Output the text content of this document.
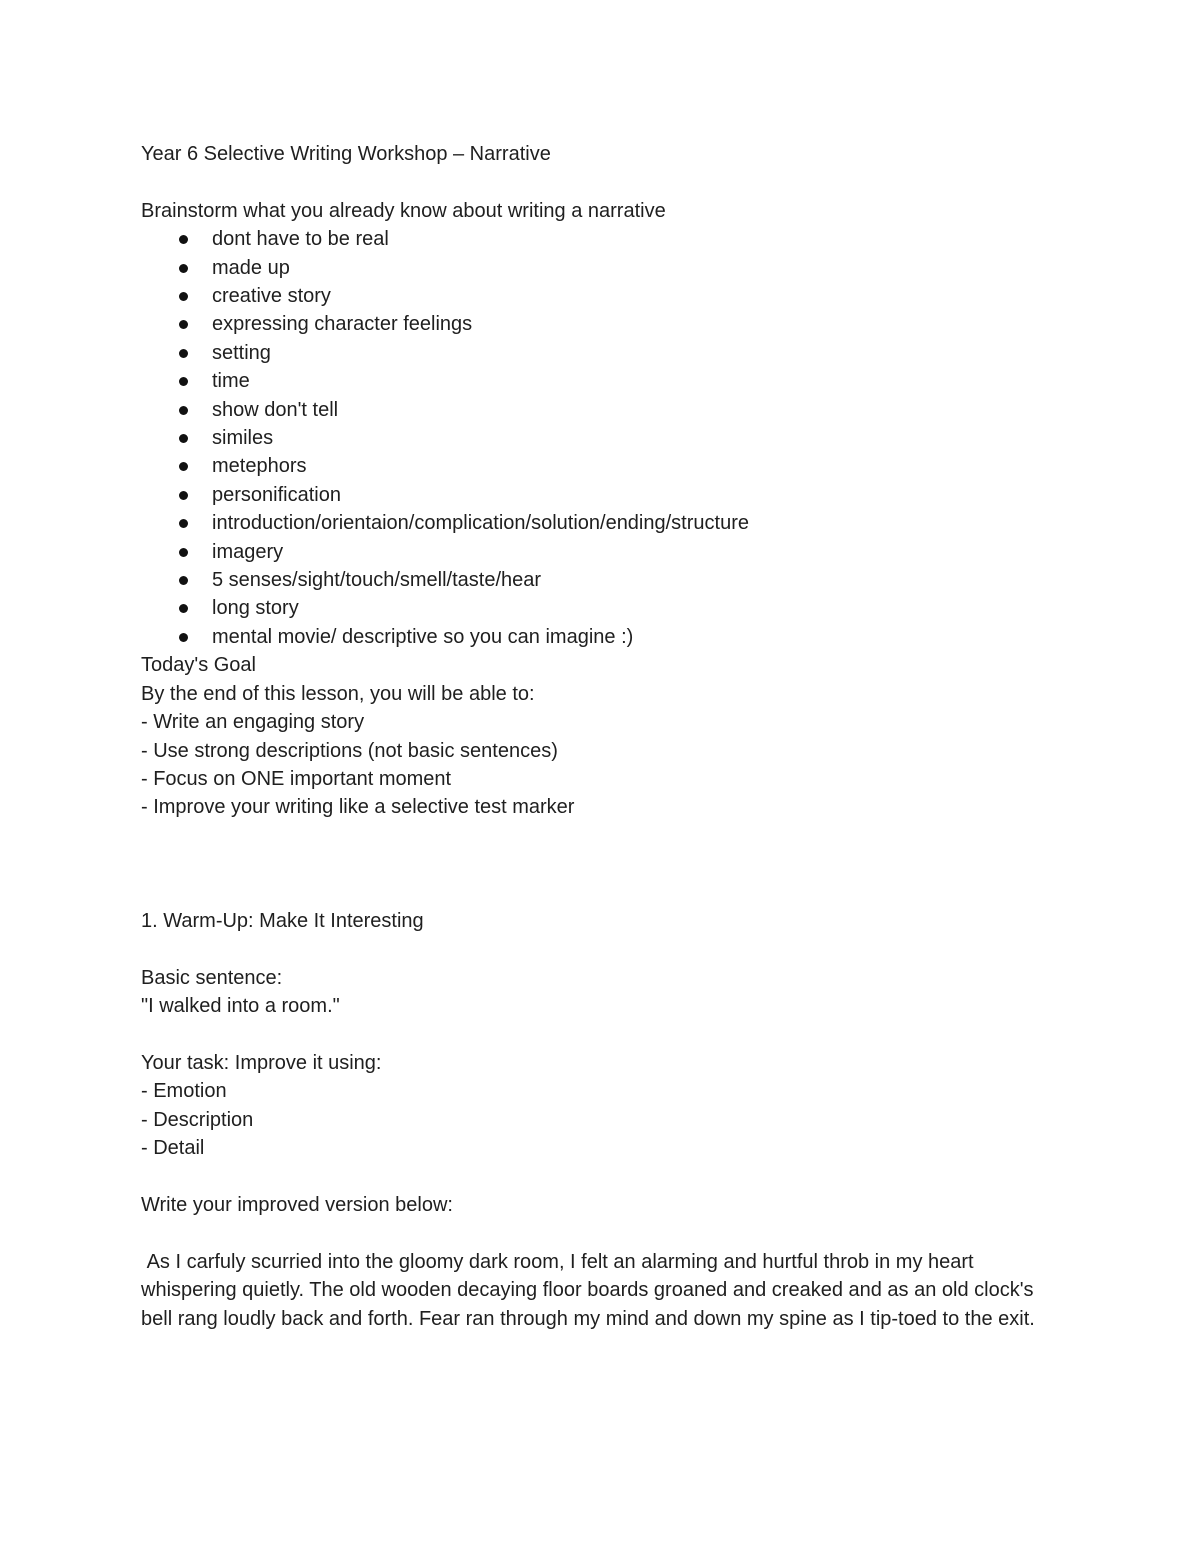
Year 6 Selective Writing Workshop – Narrative
Brainstorm what you already know about writing a narrative
dont have to be real
made up
creative story
expressing character feelings
setting
time
show don't tell
similes
metephors
personification
introduction/orientaion/complication/solution/ending/structure
imagery
5 senses/sight/touch/smell/taste/hear
long story
mental movie/ descriptive so you can imagine :)
Today's Goal
By the end of this lesson, you will be able to:
- Write an engaging story
- Use strong descriptions (not basic sentences)
- Focus on ONE important moment
- Improve your writing like a selective test marker
1. Warm-Up: Make It Interesting
Basic sentence:
"I walked into a room."
Your task: Improve it using:
- Emotion
- Description
- Detail
Write your improved version below:
As I carfuly scurried into the gloomy dark room, I felt an alarming and hurtful throb in my heart whispering quietly. The old wooden decaying floor boards groaned and creaked and as an old clock's bell rang loudly back and forth. Fear ran through my mind and down my spine as I tip-toed to the exit.
